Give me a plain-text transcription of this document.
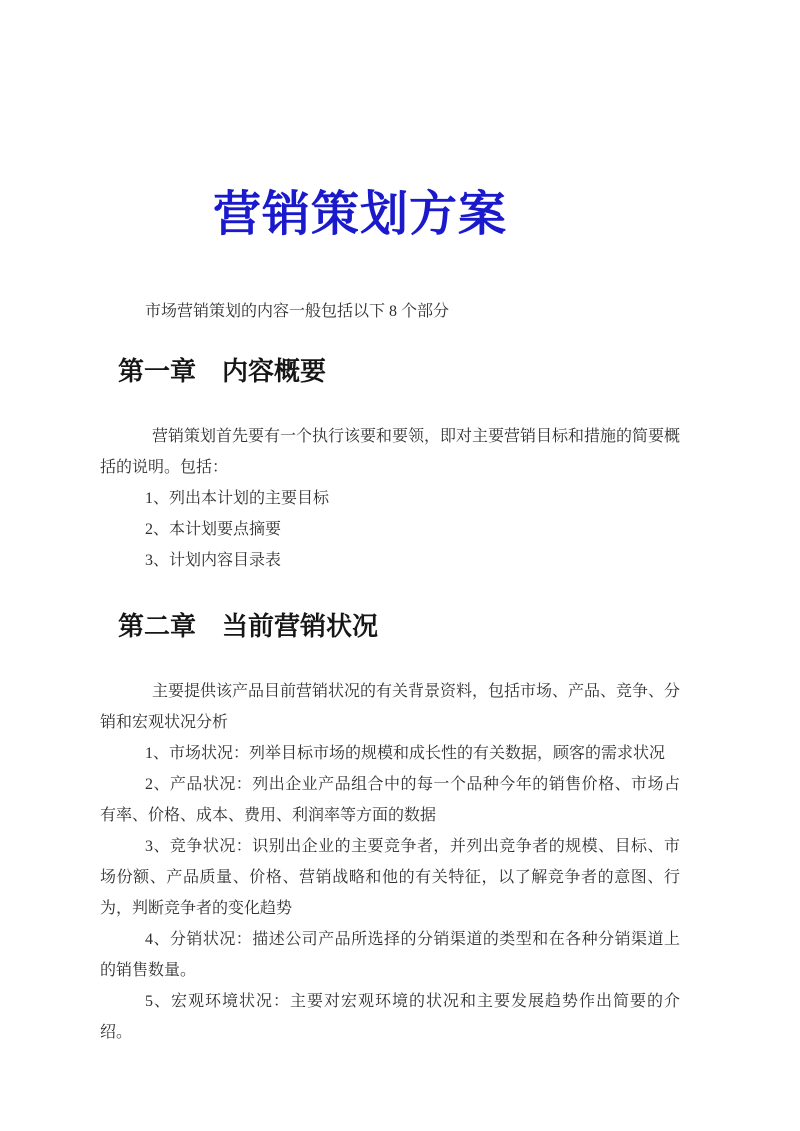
营销策划方案

市场营销策划的内容一般包括以下 8 个部分

第一章　内容概要

营销策划首先要有一个执行该要和要领，即对主要营销目标和措施的简要概括的说明。包括：

1、列出本计划的主要目标

2、本计划要点摘要

3、计划内容目录表

第二章　当前营销状况

主要提供该产品目前营销状况的有关背景资料，包括市场、产品、竞争、分销和宏观状况分析

1、市场状况：列举目标市场的规模和成长性的有关数据，顾客的需求状况

2、产品状况：列出企业产品组合中的每一个品种今年的销售价格、市场占有率、价格、成本、费用、利润率等方面的数据

3、竞争状况：识别出企业的主要竞争者，并列出竞争者的规模、目标、市场份额、产品质量、价格、营销战略和他的有关特征，以了解竞争者的意图、行为，判断竞争者的变化趋势

4、分销状况：描述公司产品所选择的分销渠道的类型和在各种分销渠道上的销售数量。

5、宏观环境状况：主要对宏观环境的状况和主要发展趋势作出简要的介绍。
